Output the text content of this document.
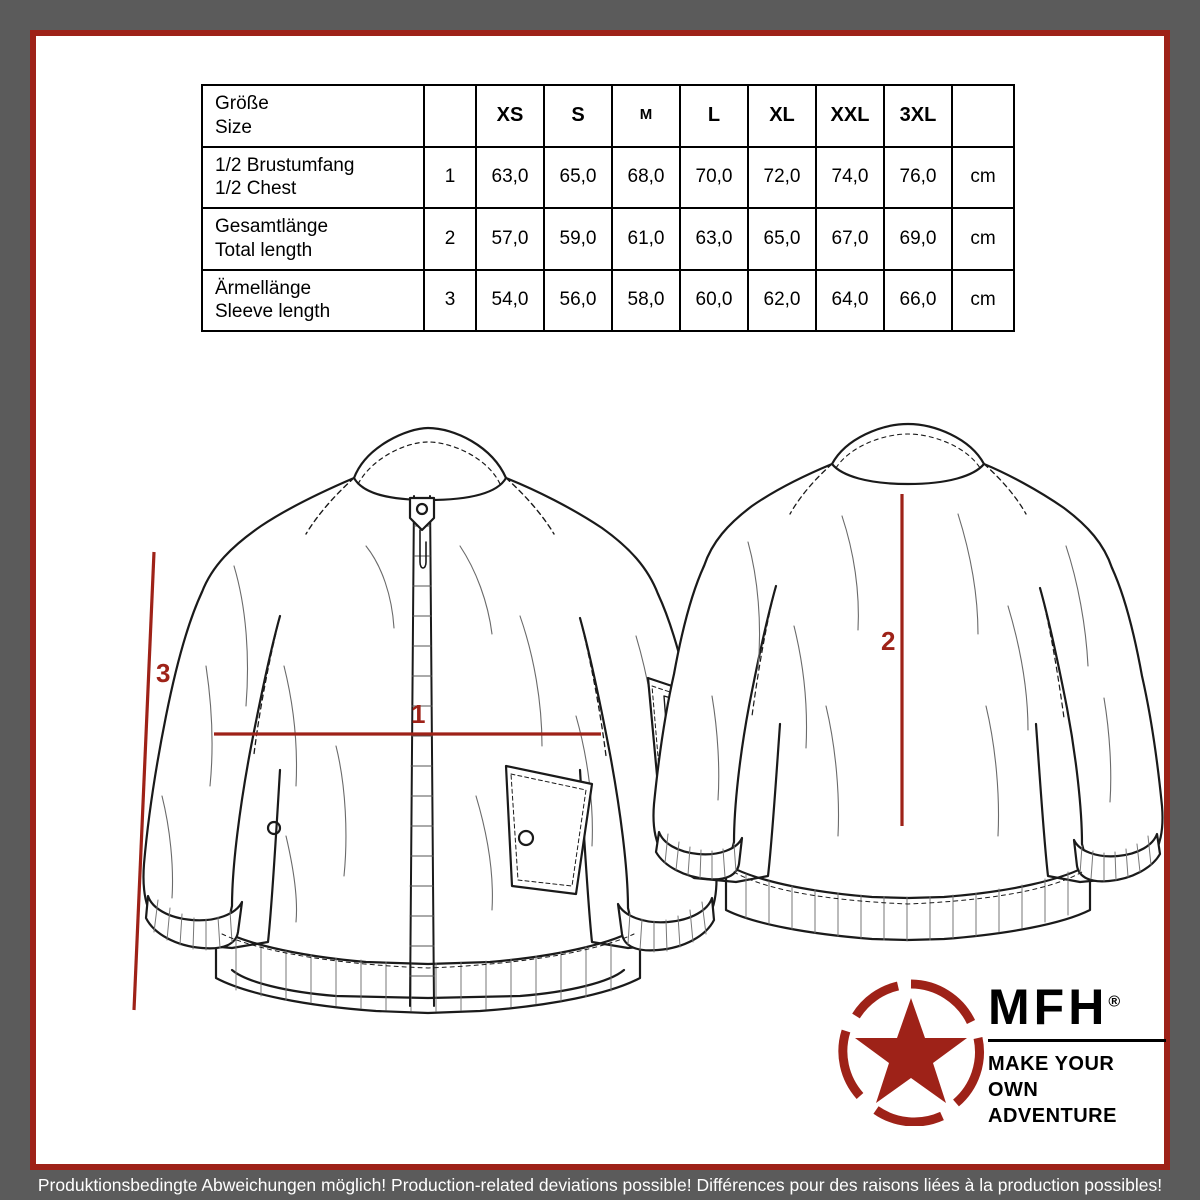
Größe
Size		XS	S	M	L	XL	XXL	3XL	

1/2 Brustumfang
1/2 Chest	1	63,0	65,0	68,0	70,0	72,0	74,0	76,0	cm

Gesamtlänge
Total length	2	57,0	59,0	61,0	63,0	65,0	67,0	69,0	cm

Ärmellänge
Sleeve length	3	54,0	56,0	58,0	60,0	62,0	64,0	66,0	cm
1
2
3
MFH®
MAKE YOUR OWN
ADVENTURE
Produktionsbedingte Abweichungen möglich! Production-related deviations possible! Différences pour des raisons liées à la production possibles!
